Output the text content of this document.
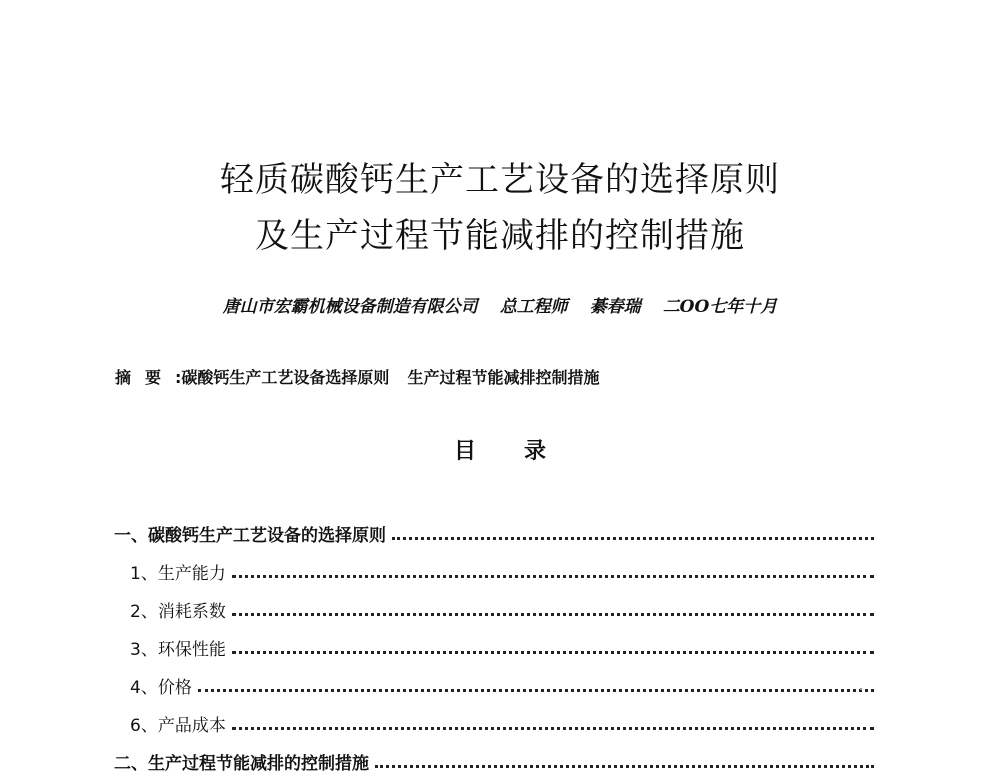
轻质碳酸钙生产工艺设备的选择原则
及生产过程节能减排的控制措施
唐山市宏霸机械设备制造有限公司 总工程师 綦春瑞 二OO七年十月
摘要:碳酸钙生产工艺设备选择原则 生产过程节能减排控制措施
目 录
一、碳酸钙生产工艺设备的选择原则
1、生产能力
2、消耗系数
3、环保性能
4、价格
6、产品成本
二、生产过程节能减排的控制措施
